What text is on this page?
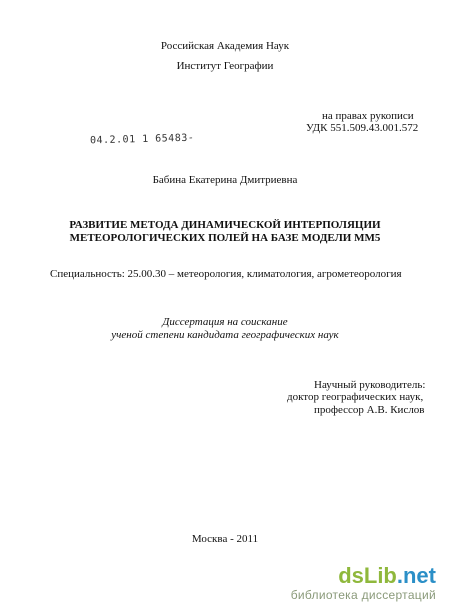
Российская Академия Наук
Институт Географии
на правах рукописи
УДК 551.509.43.001.572
04.2.01 1 65483-
Бабина Екатерина Дмитриевна
РАЗВИТИЕ МЕТОДА ДИНАМИЧЕСКОЙ ИНТЕРПОЛЯЦИИ
МЕТЕОРОЛОГИЧЕСКИХ ПОЛЕЙ НА БАЗЕ МОДЕЛИ ММ5
Специальность: 25.00.30 – метеорология, климатология, агрометеорология
Диссертация на соискание
ученой степени кандидата географических наук
Научный руководитель:
доктор географических наук,
профессор А.В. Кислов
Москва - 2011
dsLib.net
библиотека диссертаций
